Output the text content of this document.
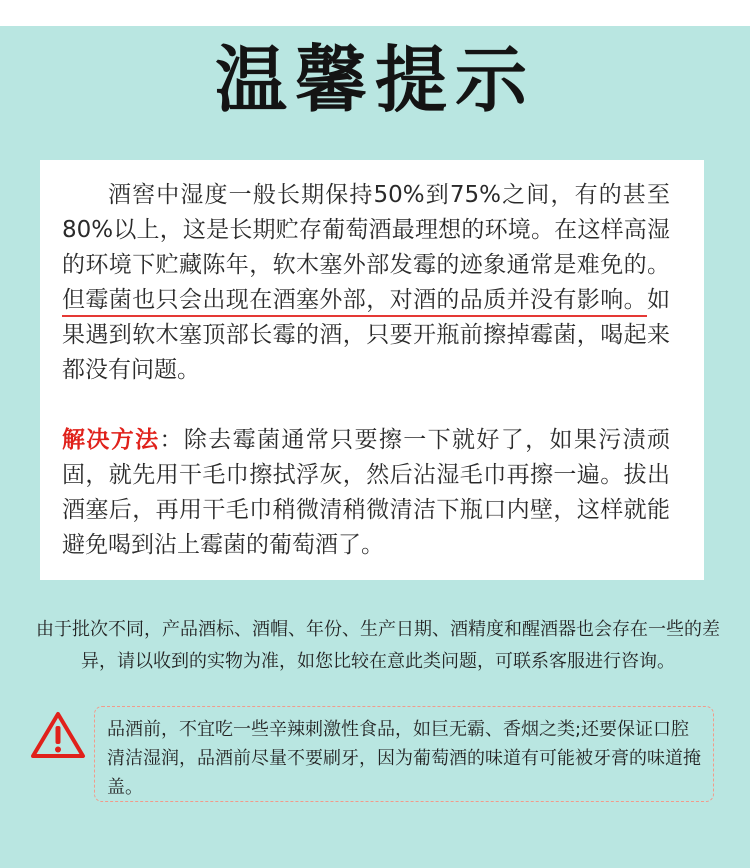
温馨提示

酒窖中湿度一般长期保持50%到75%之间，有的甚至80%以上，这是长期贮存葡萄酒最理想的环境。在这样高湿的环境下贮藏陈年，软木塞外部发霉的迹象通常是难免的。但霉菌也只会出现在酒塞外部，对酒的品质并没有影响。如果遇到软木塞顶部长霉的酒，只要开瓶前擦掉霉菌，喝起来都没有问题。

解决方法：除去霉菌通常只要擦一下就好了，如果污渍顽固，就先用干毛巾擦拭浮灰，然后沾湿毛巾再擦一遍。拔出酒塞后，再用干毛巾稍微清稍微清洁下瓶口内壁，这样就能避免喝到沾上霉菌的葡萄酒了。

由于批次不同，产品酒标、酒帽、年份、生产日期、酒精度和醒酒器也会存在一些的差异，请以收到的实物为准，如您比较在意此类问题，可联系客服进行咨询。
品酒前，不宜吃一些辛辣刺激性食品，如巨无霸、香烟之类;还要保证口腔清洁湿润，品酒前尽量不要刷牙，因为葡萄酒的味道有可能被牙膏的味道掩盖。
